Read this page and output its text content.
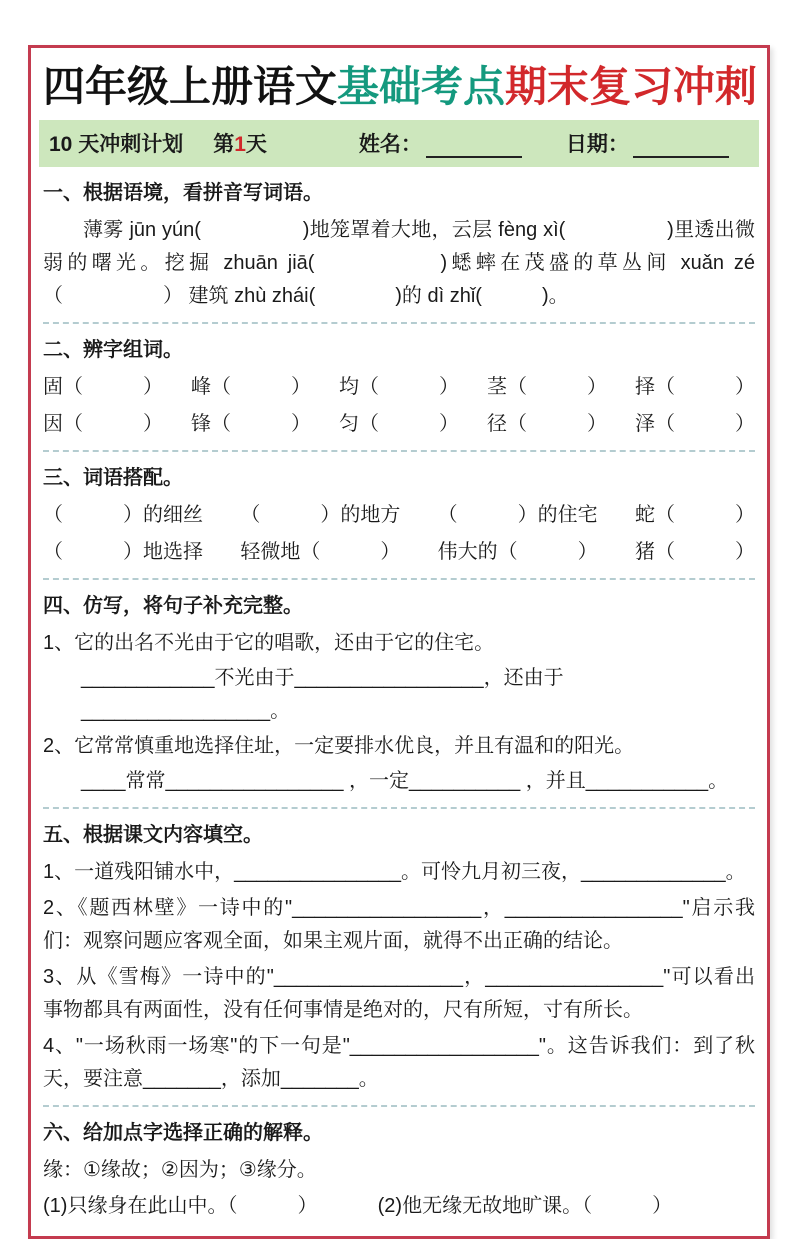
四年级上册语文基础考点期末复习冲刺
10 天冲刺计划 第1天	姓名：	日期：
一、根据语境，看拼音写词语。

薄雾 jūn yún(　　　　　)地笼罩着大地，云层 fèng xì(　　　　　)里透出微弱的曙光。挖掘 zhuān jiā(　　　　　)蟋蟀在茂盛的草丛间 xuǎn zé（　　　　　） 建筑 zhù zhái(　　　　)的 dì zhǐ(　　　)。

二、辨字组词。
固（　　　） 峰（　　　） 均（　　　） 茎（　　　） 择（　　　）
因（　　　） 锋（　　　） 匀（　　　） 径（　　　） 泽（　　　）
三、词语搭配。
（　　　）的细丝 （　　　）的地方 （　　　）的住宅 蛇（　　　）
（　　　）地选择 轻微地（　　　） 伟大的（　　　） 猪（　　　）
四、仿写，将句子补充完整。

1、它的出名不光由于它的唱歌，还由于它的住宅。

____________不光由于_________________，还由于_________________。

2、它常常慎重地选择住址，一定要排水优良，并且有温和的阳光。

____常常________________ ，一定__________ ，并且___________。

五、根据课文内容填空。

1、一道残阳铺水中，_______________。可怜九月初三夜，_____________。

2、《题西林壁》一诗中的"_________________，________________"启示我们：观察问题应客观全面，如果主观片面，就得不出正确的结论。

3、从《雪梅》一诗中的"_________________，________________"可以看出事物都具有两面性，没有任何事情是绝对的，尺有所短，寸有所长。

4、"一场秋雨一场寒"的下一句是"_________________"。这告诉我们：到了秋天，要注意_______，添加_______。

六、给加点字选择正确的解释。

缘：①缘故；②因为；③缘分。

(1)只缘身在此山中。（　　　）	(2)他无缘无故地旷课。（　　　）
